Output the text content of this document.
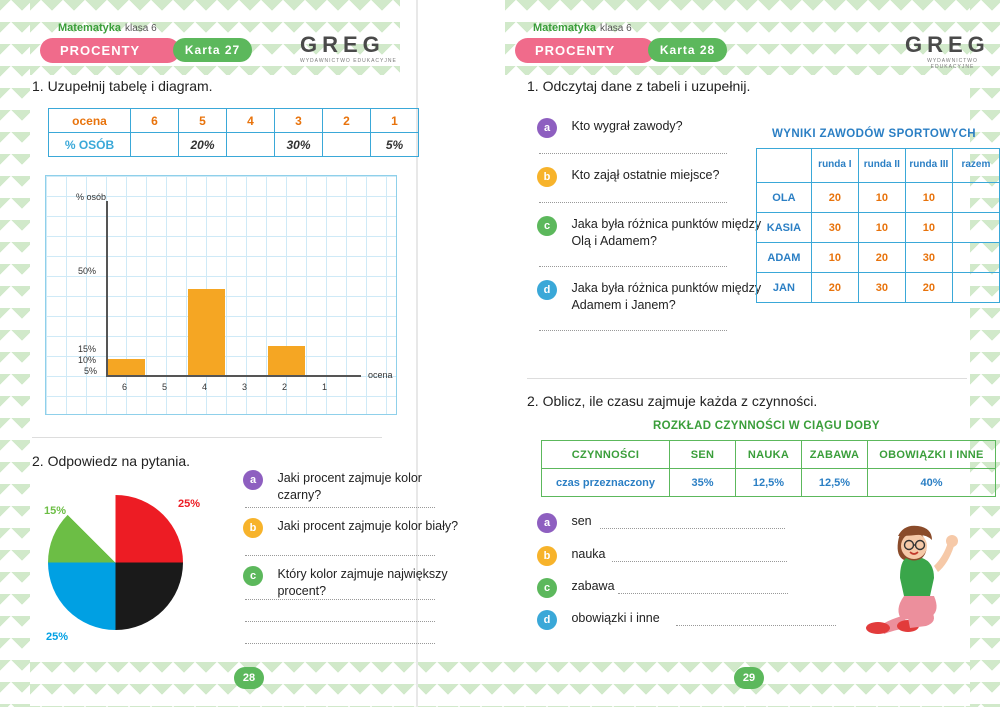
Matematyka klasa 6
PROCENTY	Karta 27	GREG
WYDAWNICTWO EDUKACYJNE
Matematyka klasa 6
PROCENTY	Karta 28	GREG
WYDAWNICTWO EDUKACYJNE
1. Uzupełnij tabelę i diagram.
ocena	6	5	4	3	2	1
% OSÓB		20%		30%		5%
% osób
ocena
50%
15%
10%
5%
6	5	4	3	2	1
2. Odpowiedz na pytania.
25%
15%
25%
a Jaki procent zajmuje kolor czarny?
b Jaki procent zajmuje kolor biały?
c Który kolor zajmuje największy procent?
28
1. Odczytaj dane z tabeli i uzupełnij.
a Kto wygrał zawody?
b Kto zajął ostatnie miejsce?
c Jaka była różnica punktów między Olą i Adamem?
d Jaka była różnica punktów między Adamem i Janem?
WYNIKI ZAWODÓW SPORTOWYCH
	runda I	runda II	runda III	razem
OLA	20	10	10	
KASIA	30	10	10	
ADAM	10	20	30	
JAN	20	30	20	
2. Oblicz, ile czasu zajmuje każda z czynności.
ROZKŁAD CZYNNOŚCI W CIĄGU DOBY
CZYNNOŚCI	SEN	NAUKA	ZABAWA	OBOWIĄZKI I INNE
czas przeznaczony	35%	12,5%	12,5%	40%
a sen
b nauka
c zabawa
d obowiązki i inne
29
